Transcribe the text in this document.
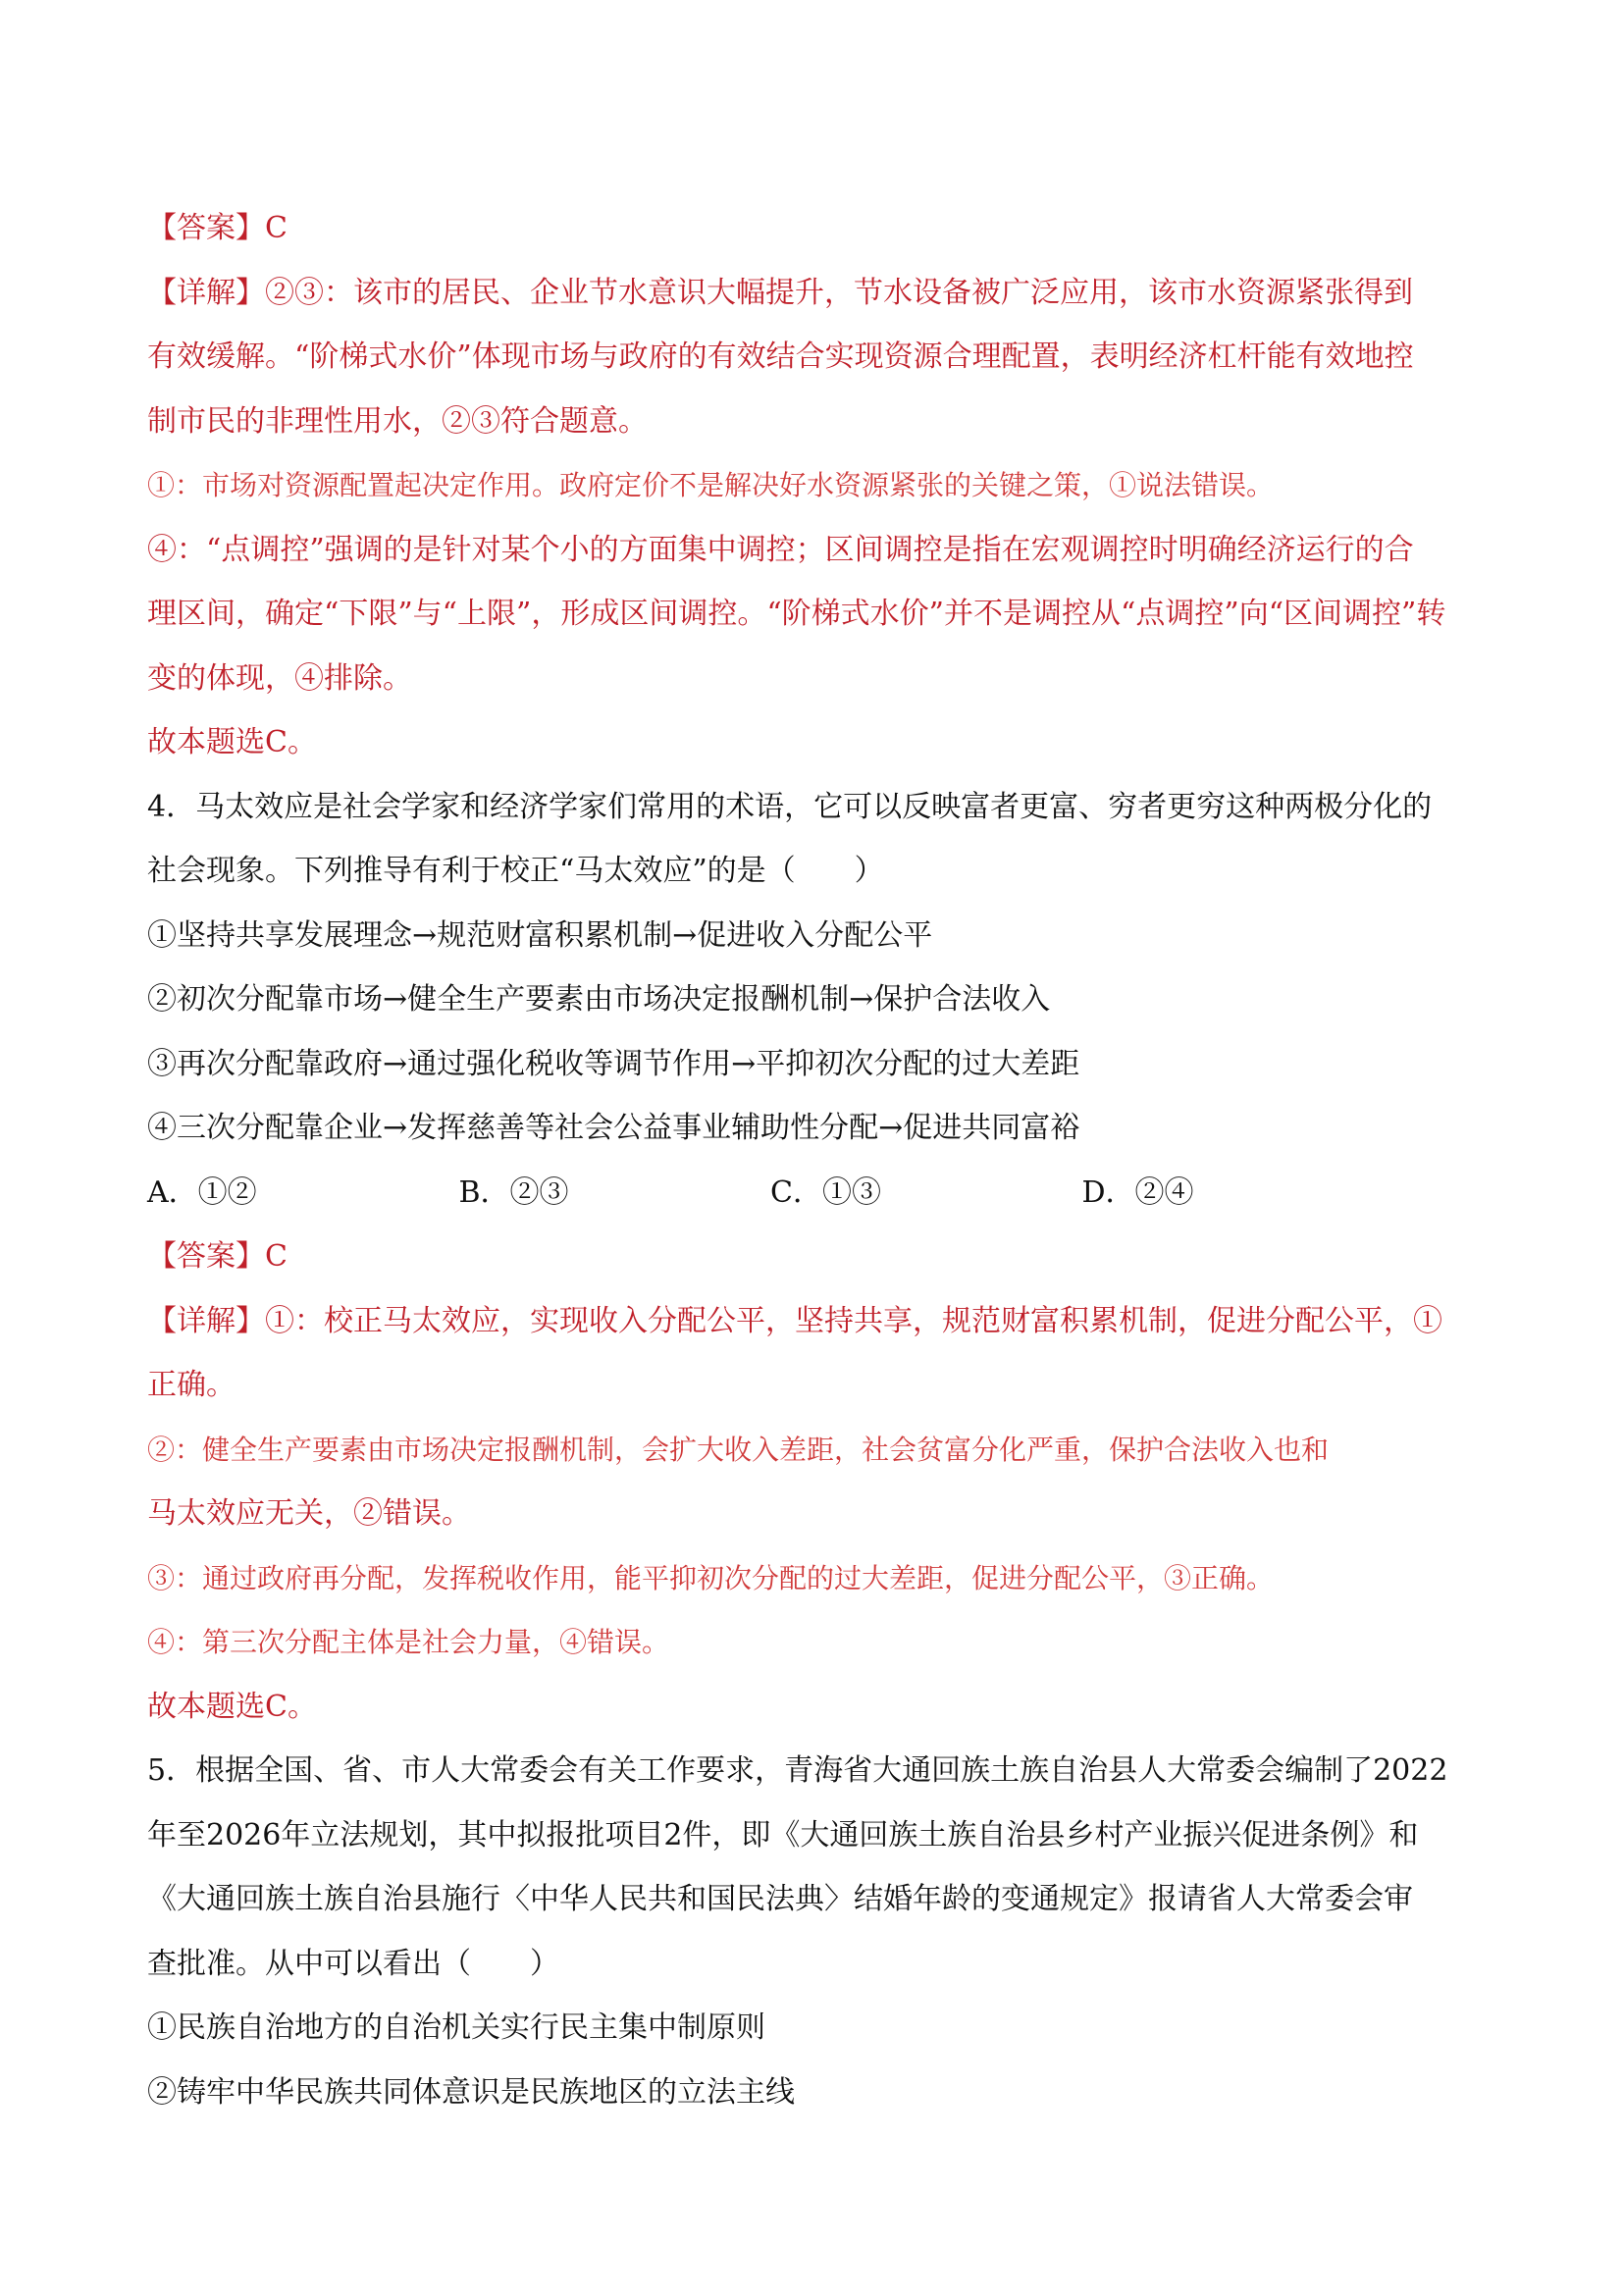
【答案】C
【详解】②③：该市的居民、企业节水意识大幅提升，节水设备被广泛应用，该市水资源紧张得到
有效缓解。“阶梯式水价”体现市场与政府的有效结合实现资源合理配置，表明经济杠杆能有效地控
制市民的非理性用水，②③符合题意。
①：市场对资源配置起决定作用。政府定价不是解决好水资源紧张的关键之策，①说法错误。
④：“点调控”强调的是针对某个小的方面集中调控；区间调控是指在宏观调控时明确经济运行的合
理区间，确定“下限”与“上限”，形成区间调控。“阶梯式水价”并不是调控从“点调控”向“区间调控”转
变的体现，④排除。
故本题选C。
4．马太效应是社会学家和经济学家们常用的术语，它可以反映富者更富、穷者更穷这种两极分化的
社会现象。下列推导有利于校正“马太效应”的是（　　）
①坚持共享发展理念→规范财富积累机制→促进收入分配公平
②初次分配靠市场→健全生产要素由市场决定报酬机制→保护合法收入
③再次分配靠政府→通过强化税收等调节作用→平抑初次分配的过大差距
④三次分配靠企业→发挥慈善等社会公益事业辅助性分配→促进共同富裕
A．①②	B．②③	C．①③	D．②④
【答案】C
【详解】①：校正马太效应，实现收入分配公平，坚持共享，规范财富积累机制，促进分配公平，①
正确。
②：健全生产要素由市场决定报酬机制，会扩大收入差距，社会贫富分化严重，保护合法收入也和
马太效应无关，②错误。
③：通过政府再分配，发挥税收作用，能平抑初次分配的过大差距，促进分配公平，③正确。
④：第三次分配主体是社会力量，④错误。
故本题选C。
5．根据全国、省、市人大常委会有关工作要求，青海省大通回族土族自治县人大常委会编制了2022
年至2026年立法规划，其中拟报批项目2件，即《大通回族土族自治县乡村产业振兴促进条例》和
《大通回族土族自治县施行〈中华人民共和国民法典〉结婚年龄的变通规定》报请省人大常委会审
查批准。从中可以看出（　　）
①民族自治地方的自治机关实行民主集中制原则
②铸牢中华民族共同体意识是民族地区的立法主线
